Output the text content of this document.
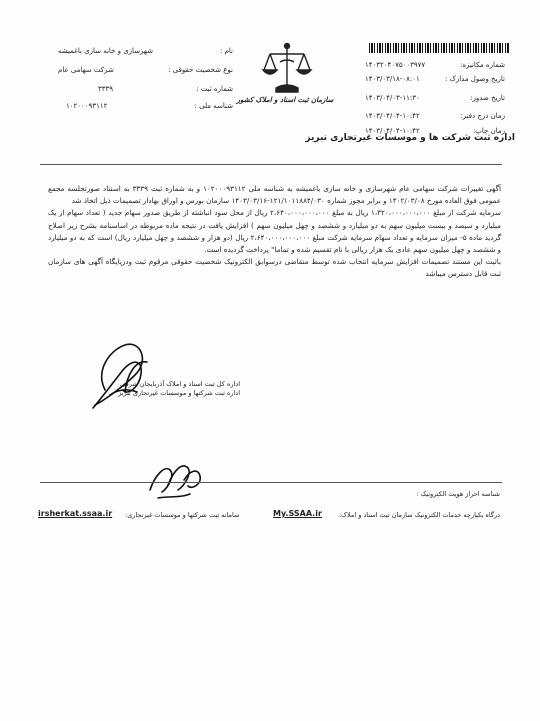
شماره مکانیزه:
۱۴۰۳۲۰۴۰۷۵۰۰۳۹۷۷
تاریخ وصول مدارک :
۱۴۰۳/۰۳/۱۸-۰۸:۰۱
تاریخ صدور:
۱۴۰۳/۰۴/۰۳-۱۱:۳۰
زمان درج دفتر:
۱۴۰۳/۰۴/۰۴-۱۰:۴۲
زمان چاپ:
۱۴۰۳/۰۴/۰۴-۱۰:۴۲
سازمان ثبت اسناد و املاک کشور
نام :
شهرسازی و خانه سازی باغمیشه
نوع شخصیت حقوقی :
شرکت سهامی عام
شماره ثبت :
۳۳۳۹
شناسه ملی :
۱۰۲۰۰۰۹۳۱۱۲
اداره ثبت شرکت ها و موسسات غیرتجاری تبریز

آگهی تغییرات شرکت سهامی عام شهرسازی و خانه سازی باغمیشه به شناسه ملی ۱۰۲۰۰۰۹۳۱۱۲ و به شماره ثبت ۳۳۳۹ به استناد صورتجلسه مجمع عمومی فوق العاده مورخ ۱۴۰۲/۰۳/۰۸ و برابر مجوز شماره ۱۲۱/۱۰۱۱۸۸۴/۰۳۰-۱۴۰۳/۰۳/۱۶ سازمان بورس و اوراق بهادار تصمیمات ذیل اتخاذ شد

سرمایه شرکت از مبلغ ۱،۳۲۰،۰۰۰،۰۰۰،۰۰۰ ریال به مبلغ ۲،۶۴۰،۰۰۰،۰۰۰،۰۰۰ ریال از محل سود انباشته از طریق صدور سهام جدید ( تعداد سهام از یک میلیارد و سیصد و بیست میلیون سهم به دو میلیارد و ششصد و چهل میلیون سهم ) افزایش یافت در نتیجه ماده مربوطه در اساسنامه بشرح زیر اصلاح گردید ماده ۵- میزان سرمایه و تعداد سهام سرمایه شرکت مبلغ ۲،۶۴۰،۰۰۰،۰۰۰،۰۰۰ ریال (دو هزار و ششصد و چهل میلیارد ریال) است که به دو میلیارد و ششصد و چهل میلیون سهم عادی یک هزار ریالی با نام تقسیم شده و تماما" پرداخت گردیده است.

باثبت این مستند تصمیمات افزایش سرمایه انتخاب شده توسط متقاضی درسوابق الکترونیک شخصیت حقوقی مرقوم ثبت ودرپایگاه آگهی های سازمان ثبت قابل دسترس میباشد

اداره کل ثبت اسناد و املاک آذربایجان شرقی
اداره ثبت شرکتها و موسسات غیرتجاری تبریز
شناسه احراز هویت الکترونیک :
درگاه یکپارچه خدمات الکترونیک سازمان ثبت اسناد و املاک:
My.SSAA.ir
سامانه ثبت شرکتها و موسسات غیرتجاری:
irsherkat.ssaa.ir
